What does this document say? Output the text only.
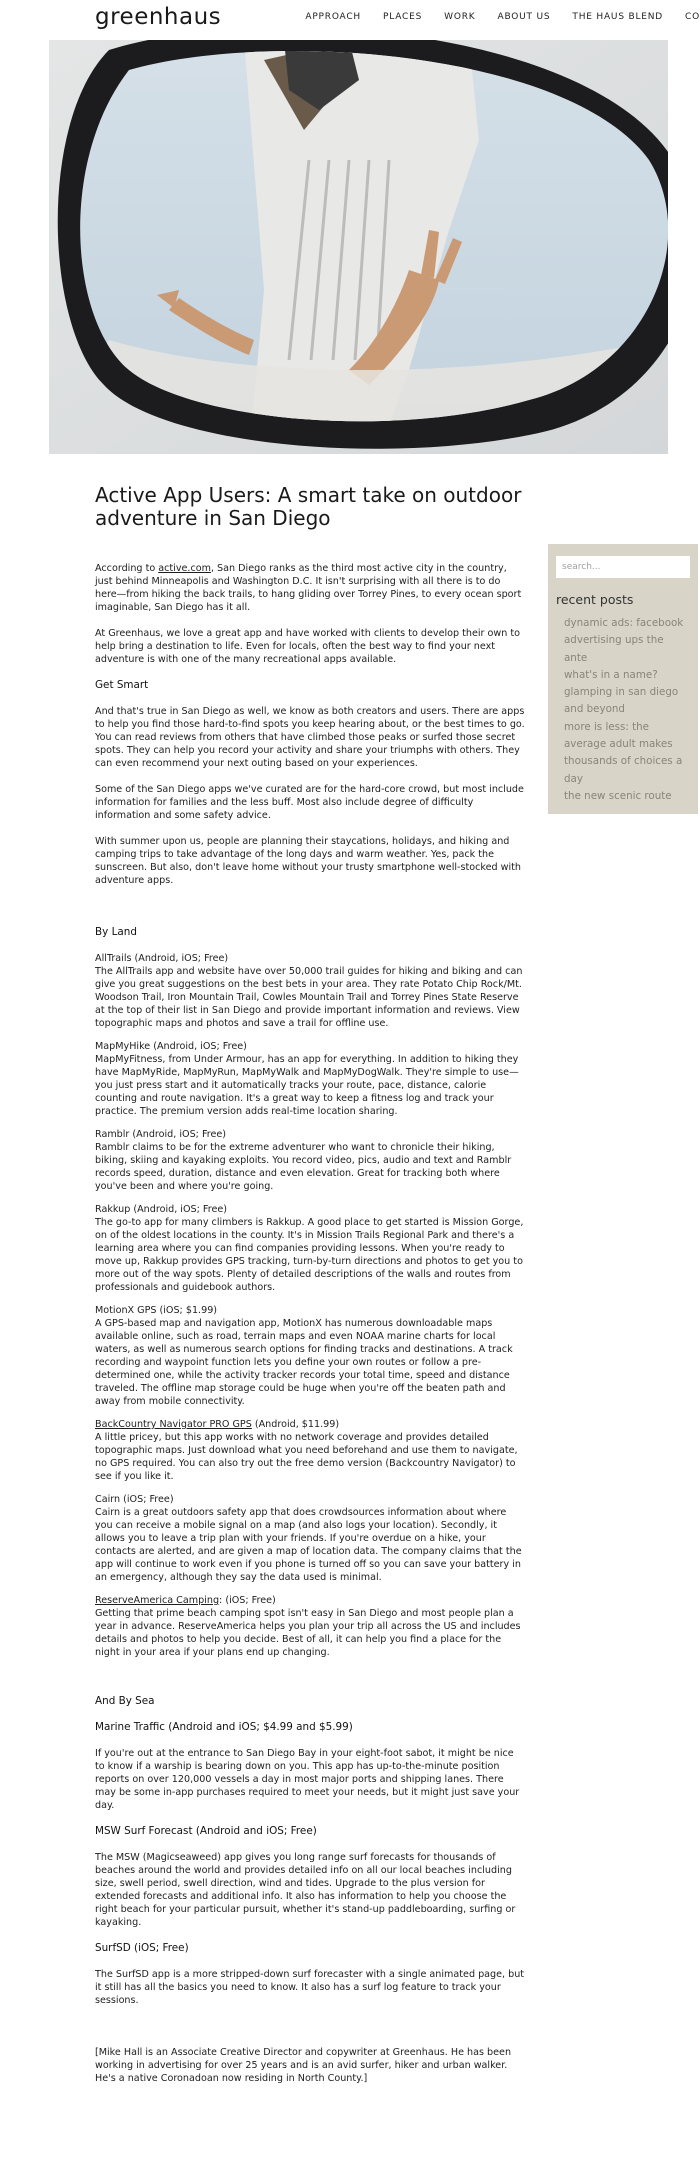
greenhaus	APPROACH PLACES WORK ABOUT US THE HAUS BLEND CO
Active App Users: A smart take on outdoor adventure in San Diego

According to active.com, San Diego ranks as the third most active city in the country, just behind Minneapolis and Washington D.C. It isn't surprising with all there is to do here—from hiking the back trails, to hang gliding over Torrey Pines, to every ocean sport imaginable, San Diego has it all.

At Greenhaus, we love a great app and have worked with clients to develop their own to help bring a destination to life. Even for locals, often the best way to find your next adventure is with one of the many recreational apps available.

Get Smart

And that's true in San Diego as well, we know as both creators and users. There are apps to help you find those hard-to-find spots you keep hearing about, or the best times to go. You can read reviews from others that have climbed those peaks or surfed those secret spots. They can help you record your activity and share your triumphs with others. They can even recommend your next outing based on your experiences.

Some of the San Diego apps we've curated are for the hard-core crowd, but most include information for families and the less buff. Most also include degree of difficulty information and some safety advice.

With summer upon us, people are planning their staycations, holidays, and hiking and camping trips to take advantage of the long days and warm weather. Yes, pack the sunscreen. But also, don't leave home without your trusty smartphone well-stocked with adventure apps.

By Land

AllTrails (Android, iOS; Free)
The AllTrails app and website have over 50,000 trail guides for hiking and biking and can give you great suggestions on the best bets in your area. They rate Potato Chip Rock/Mt. Woodson Trail, Iron Mountain Trail, Cowles Mountain Trail and Torrey Pines State Reserve at the top of their list in San Diego and provide important information and reviews. View topographic maps and photos and save a trail for offline use.

MapMyHike (Android, iOS; Free)
MapMyFitness, from Under Armour, has an app for everything. In addition to hiking they have MapMyRide, MapMyRun, MapMyWalk and MapMyDogWalk. They're simple to use—you just press start and it automatically tracks your route, pace, distance, calorie counting and route navigation. It's a great way to keep a fitness log and track your practice. The premium version adds real-time location sharing.

Ramblr (Android, iOS; Free)
Ramblr claims to be for the extreme adventurer who want to chronicle their hiking, biking, skiing and kayaking exploits. You record video, pics, audio and text and Ramblr records speed, duration, distance and even elevation. Great for tracking both where you've been and where you're going.

Rakkup (Android, iOS; Free)
The go-to app for many climbers is Rakkup. A good place to get started is Mission Gorge, on of the oldest locations in the county. It's in Mission Trails Regional Park and there's a learning area where you can find companies providing lessons. When you're ready to move up, Rakkup provides GPS tracking, turn-by-turn directions and photos to get you to more out of the way spots. Plenty of detailed descriptions of the walls and routes from professionals and guidebook authors.

MotionX GPS (iOS; $1.99)
A GPS-based map and navigation app, MotionX has numerous downloadable maps available online, such as road, terrain maps and even NOAA marine charts for local waters, as well as numerous search options for finding tracks and destinations. A track recording and waypoint function lets you define your own routes or follow a pre-determined one, while the activity tracker records your total time, speed and distance traveled. The offline map storage could be huge when you're off the beaten path and away from mobile connectivity.

BackCountry Navigator PRO GPS (Android, $11.99)
A little pricey, but this app works with no network coverage and provides detailed topographic maps. Just download what you need beforehand and use them to navigate, no GPS required. You can also try out the free demo version (Backcountry Navigator) to see if you like it.

Cairn (iOS; Free)
Cairn is a great outdoors safety app that does crowdsources information about where you can receive a mobile signal on a map (and also logs your location). Secondly, it allows you to leave a trip plan with your friends. If you're overdue on a hike, your contacts are alerted, and are given a map of location data. The company claims that the app will continue to work even if you phone is turned off so you can save your battery in an emergency, although they say the data used is minimal.

ReserveAmerica Camping: (iOS; Free)
Getting that prime beach camping spot isn't easy in San Diego and most people plan a year in advance. ReserveAmerica helps you plan your trip all across the US and includes details and photos to help you decide. Best of all, it can help you find a place for the night in your area if your plans end up changing.

And By Sea
Marine Traffic (Android and iOS; $4.99 and $5.99)

If you're out at the entrance to San Diego Bay in your eight-foot sabot, it might be nice to know if a warship is bearing down on you. This app has up-to-the-minute position reports on over 120,000 vessels a day in most major ports and shipping lanes. There may be some in-app purchases required to meet your needs, but it might just save your day.

MSW Surf Forecast (Android and iOS; Free)

The MSW (Magicseaweed) app gives you long range surf forecasts for thousands of beaches around the world and provides detailed info on all our local beaches including size, swell period, swell direction, wind and tides. Upgrade to the plus version for extended forecasts and additional info. It also has information to help you choose the right beach for your particular pursuit, whether it's stand-up paddleboarding, surfing or kayaking.

SurfSD (iOS; Free)

The SurfSD app is a more stripped-down surf forecaster with a single animated page, but it still has all the basics you need to know. It also has a surf log feature to track your sessions.

[Mike Hall is an Associate Creative Director and copywriter at Greenhaus. He has been working in advertising for over 25 years and is an avid surfer, hiker and urban walker. He's a native Coronadoan now residing in North County.]

search...
recent posts
dynamic ads: facebook advertising ups the ante
what's in a name?
glamping in san diego and beyond
more is less: the average adult makes thousands of choices a day
the new scenic route
